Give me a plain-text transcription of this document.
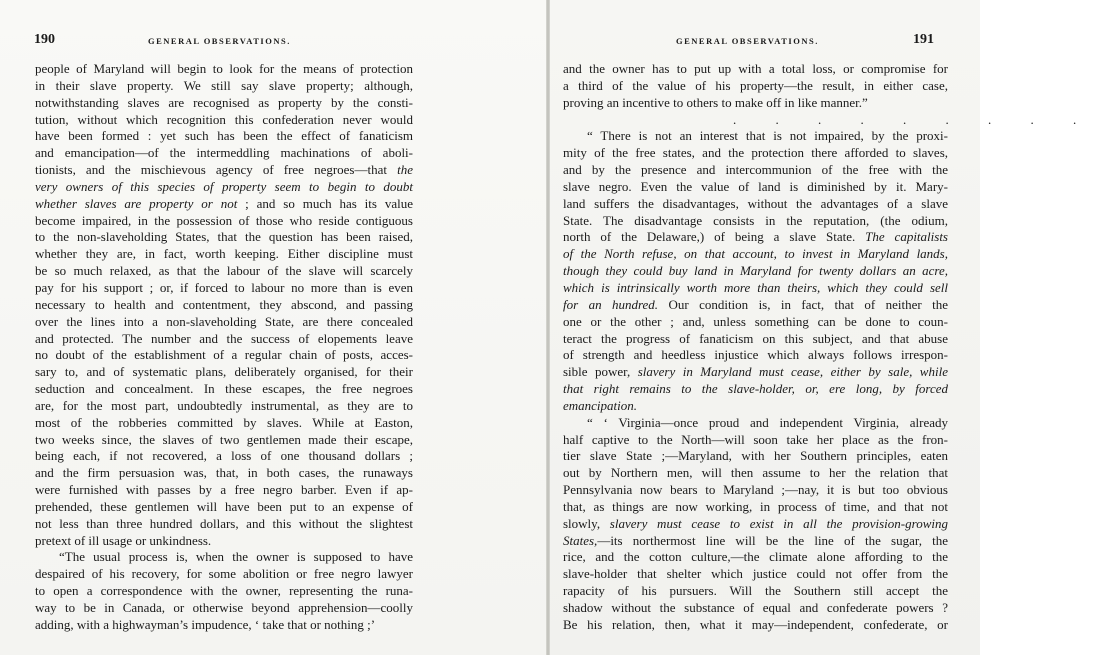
190	GENERAL OBSERVATIONS.
people of Maryland will begin to look for the means of protection
in their slave property. We still say slave property; although,
notwithstanding slaves are recognised as property by the consti-
tution, without which recognition this confederation never would
have been formed : yet such has been the effect of fanaticism
and emancipation—of the intermeddling machinations of aboli-
tionists, and the mischievous agency of free negroes—that the
very owners of this species of property seem to begin to doubt
whether slaves are property or not ; and so much has its value
become impaired, in the possession of those who reside contiguous
to the non-slaveholding States, that the question has been raised,
whether they are, in fact, worth keeping. Either discipline must
be so much relaxed, as that the labour of the slave will scarcely
pay for his support ; or, if forced to labour no more than is even
necessary to health and contentment, they abscond, and passing
over the lines into a non-slaveholding State, are there concealed
and protected. The number and the success of elopements leave
no doubt of the establishment of a regular chain of posts, acces-
sary to, and of systematic plans, deliberately organised, for their
seduction and concealment. In these escapes, the free negroes
are, for the most part, undoubtedly instrumental, as they are to
most of the robberies committed by slaves. While at Easton,
two weeks since, the slaves of two gentlemen made their escape,
being each, if not recovered, a loss of one thousand dollars ;
and the firm persuasion was, that, in both cases, the runaways
were furnished with passes by a free negro barber. Even if ap-
prehended, these gentlemen will have been put to an expense of
not less than three hundred dollars, and this without the slightest
pretext of ill usage or unkindness.
“The usual process is, when the owner is supposed to have
despaired of his recovery, for some abolition or free negro lawyer
to open a correspondence with the owner, representing the runa-
way to be in Canada, or otherwise beyond apprehension—coolly
adding, with a highwayman’s impudence, ‘ take that or nothing ;’
GENERAL OBSERVATIONS.	191
and the owner has to put up with a total loss, or compromise for
a third of the value of his property—the result, in either case,
proving an incentive to others to make off in like manner.”
. . . . . . . . .
“ There is not an interest that is not impaired, by the proxi-
mity of the free states, and the protection there afforded to slaves,
and by the presence and intercommunion of the free with the
slave negro. Even the value of land is diminished by it. Mary-
land suffers the disadvantages, without the advantages of a slave
State. The disadvantage consists in the reputation, (the odium,
north of the Delaware,) of being a slave State. The capitalists
of the North refuse, on that account, to invest in Maryland lands,
though they could buy land in Maryland for twenty dollars an acre,
which is intrinsically worth more than theirs, which they could sell
for an hundred. Our condition is, in fact, that of neither the
one or the other ; and, unless something can be done to coun-
teract the progress of fanaticism on this subject, and that abuse
of strength and heedless injustice which always follows irrespon-
sible power, slavery in Maryland must cease, either by sale, while
that right remains to the slave-holder, or, ere long, by forced
emancipation.
“ ‘ Virginia—once proud and independent Virginia, already
half captive to the North—will soon take her place as the fron-
tier slave State ;—Maryland, with her Southern principles, eaten
out by Northern men, will then assume to her the relation that
Pennsylvania now bears to Maryland ;—nay, it is but too obvious
that, as things are now working, in process of time, and that not
slowly, slavery must cease to exist in all the provision-growing
States,—its northermost line will be the line of the sugar, the
rice, and the cotton culture,—the climate alone affording to the
slave-holder that shelter which justice could not offer from the
rapacity of his pursuers. Will the Southern still accept the
shadow without the substance of equal and confederate powers ?
Be his relation, then, what it may—independent, confederate, or
